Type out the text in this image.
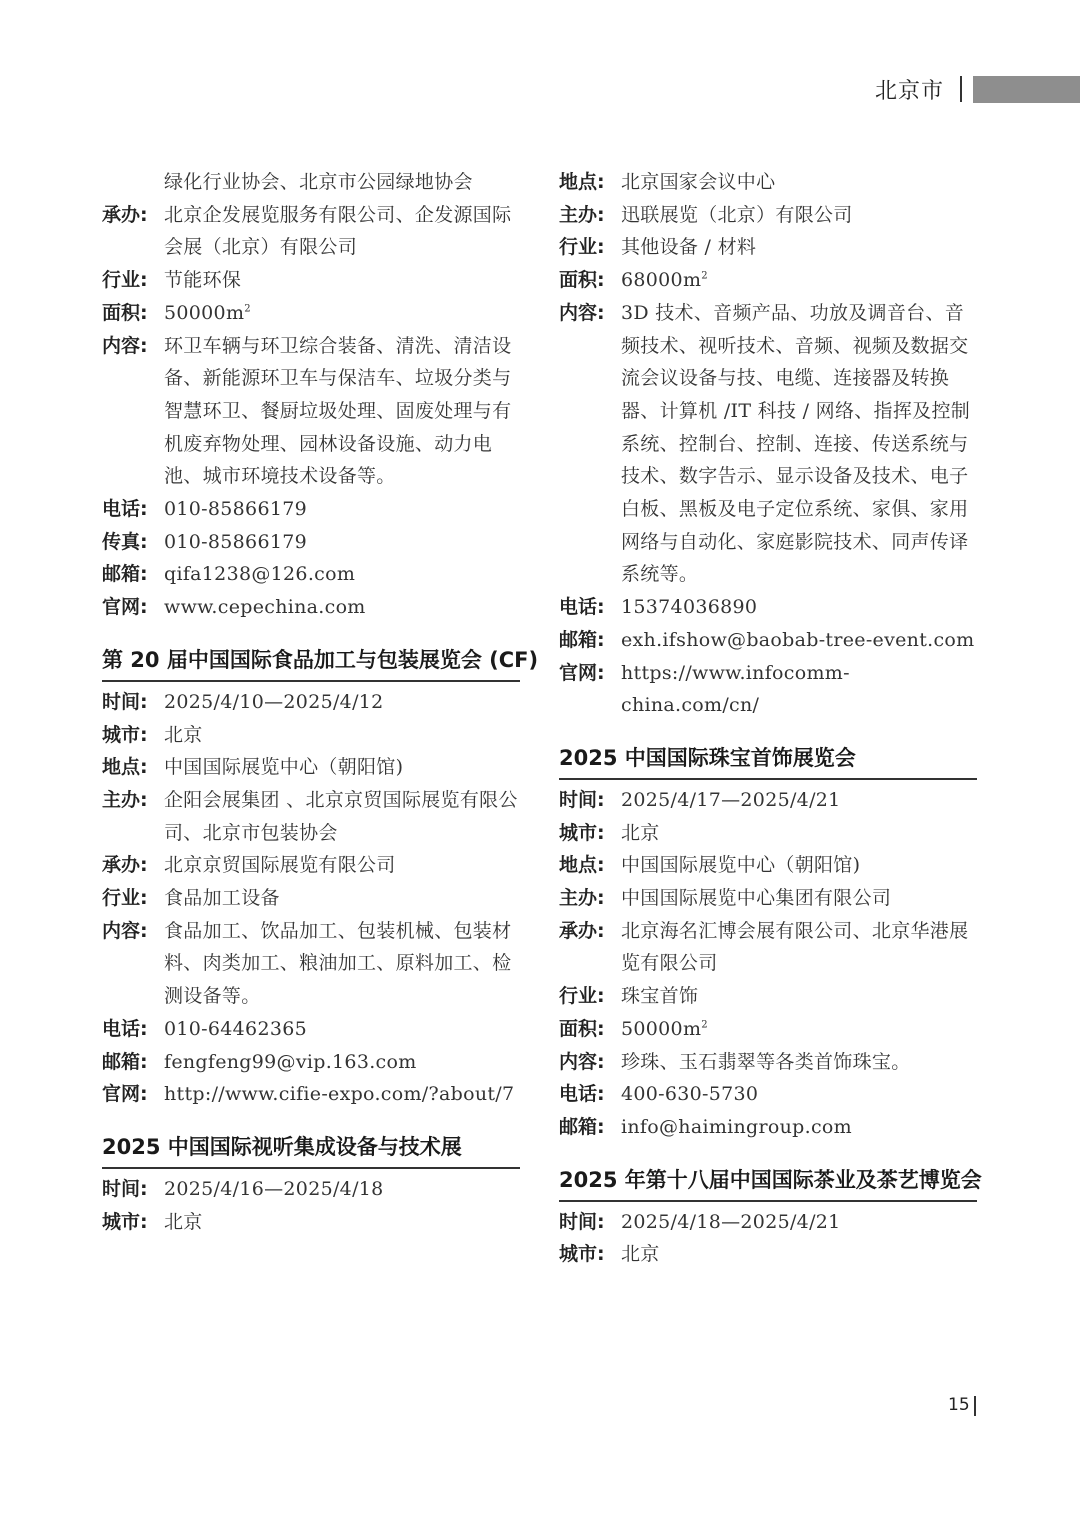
北京市
绿化行业协会、北京市公园绿地协会
承办: 北京企发展览服务有限公司、企发源国际会展（北京）有限公司
行业: 节能环保
面积: $50000m^2$
内容: 环卫车辆与环卫综合装备、清洗、清洁设备、新能源环卫车与保洁车、垃圾分类与智慧环卫、餐厨垃圾处理、固废处理与有机废弃物处理、园林设备设施、动力电池、城市环境技术设备等。
电话: 010-85866179
传真: 010-85866179
邮箱: qifa1238@126.com
官网: www.cepechina.com
第 20 届中国国际食品加工与包装展览会 (CF)
时间: 2025/4/10—2025/4/12
城市: 北京
地点: 中国国际展览中心（朝阳馆)
主办: 企阳会展集团 、北京京贸国际展览有限公司、北京市包装协会
承办: 北京京贸国际展览有限公司
行业: 食品加工设备
内容: 食品加工、饮品加工、包装机械、包装材料、肉类加工、粮油加工、原料加工、检测设备等。
电话: 010-64462365
邮箱: fengfeng99@vip.163.com
官网: http://www.cifie-expo.com/?about/7
2025 中国国际视听集成设备与技术展
时间: 2025/4/16—2025/4/18
城市: 北京
地点: 北京国家会议中心
主办: 迅联展览（北京）有限公司
行业: 其他设备 / 材料
面积: $68000m^2$
内容: 3D 技术、音频产品、功放及调音台、音频技术、视听技术、音频、视频及数据交流会议设备与技、电缆、连接器及转换器、计算机 /IT 科技 / 网络、指挥及控制系统、控制台、控制、连接、传送系统与技术、数字告示、显示设备及技术、电子白板、黑板及电子定位系统、家俱、家用网络与自动化、家庭影院技术、同声传译系统等。
电话: 15374036890
邮箱: exh.ifshow@baobab-tree-event.com
官网: https://www.infocomm-china.com/cn/
2025 中国国际珠宝首饰展览会
时间: 2025/4/17—2025/4/21
城市: 北京
地点: 中国国际展览中心（朝阳馆)
主办: 中国国际展览中心集团有限公司
承办: 北京海名汇博会展有限公司、北京华港展览有限公司
行业: 珠宝首饰
面积: $50000m^2$
内容: 珍珠、玉石翡翠等各类首饰珠宝。
电话: 400-630-5730
邮箱: info@haimingroup.com
2025 年第十八届中国国际茶业及茶艺博览会
时间: 2025/4/18—2025/4/21
城市: 北京
15
